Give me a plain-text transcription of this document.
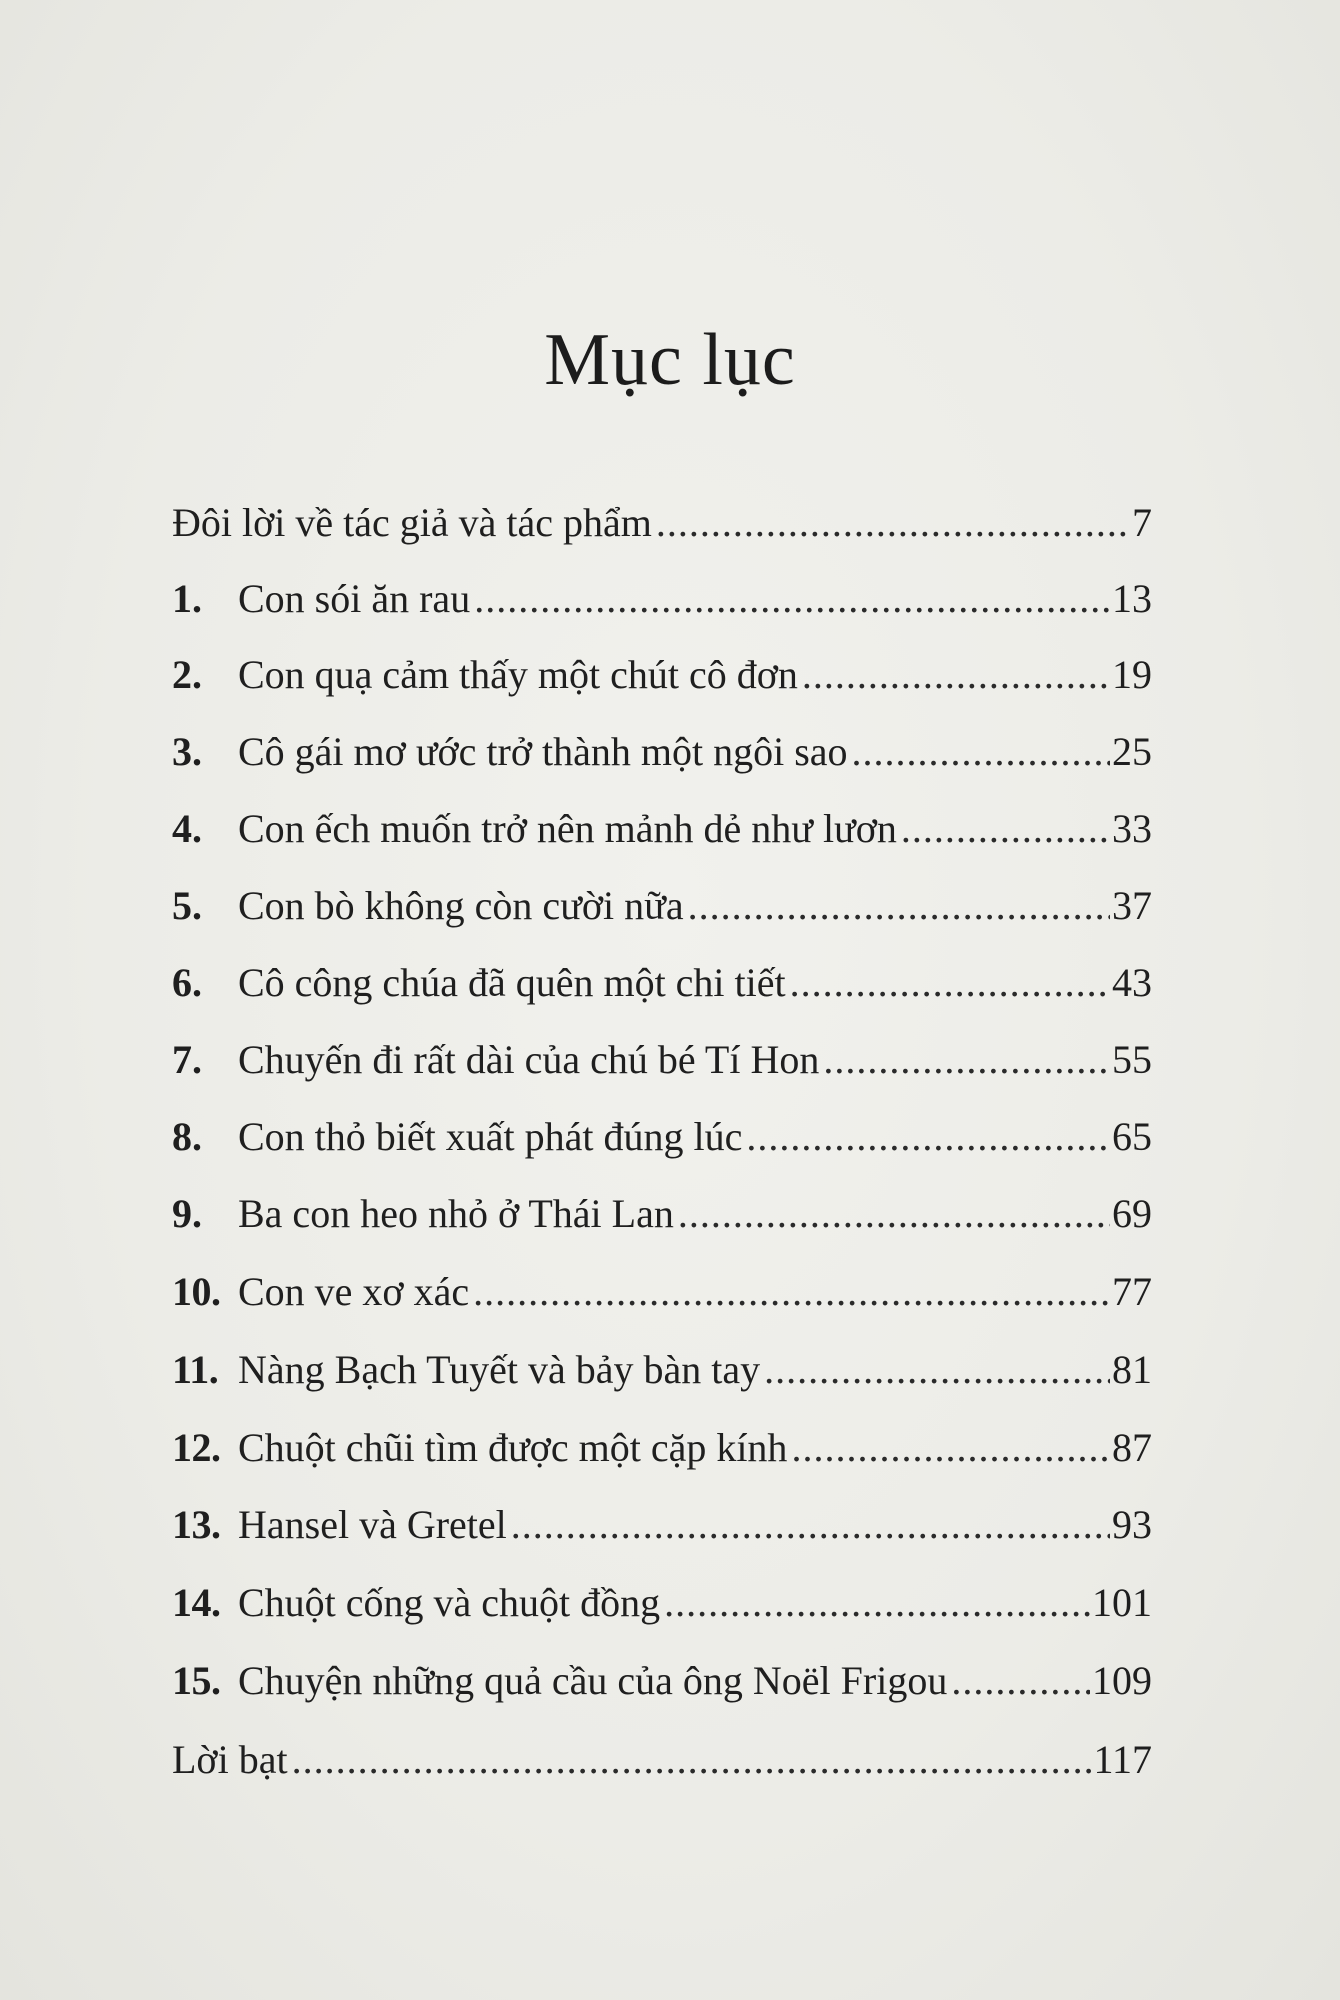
Mục lục
Đôi lời về tác giả và tác phẩm .....	7
1. Con sói ăn rau .....	13
2. Con quạ cảm thấy một chút cô đơn .....	19
3. Cô gái mơ ước trở thành một ngôi sao .....	25
4. Con ếch muốn trở nên mảnh dẻ như lươn .....	33
5. Con bò không còn cười nữa .....	37
6. Cô công chúa đã quên một chi tiết .....	43
7. Chuyến đi rất dài của chú bé Tí Hon .....	55
8. Con thỏ biết xuất phát đúng lúc .....	65
9. Ba con heo nhỏ ở Thái Lan .....	69
10. Con ve xơ xác .....	77
11. Nàng Bạch Tuyết và bảy bàn tay .....	81
12. Chuột chũi tìm được một cặp kính .....	87
13. Hansel và Gretel .....	93
14. Chuột cống và chuột đồng .....	101
15. Chuyện những quả cầu của ông Noël Frigou .....	109
Lời bạt .....	117
